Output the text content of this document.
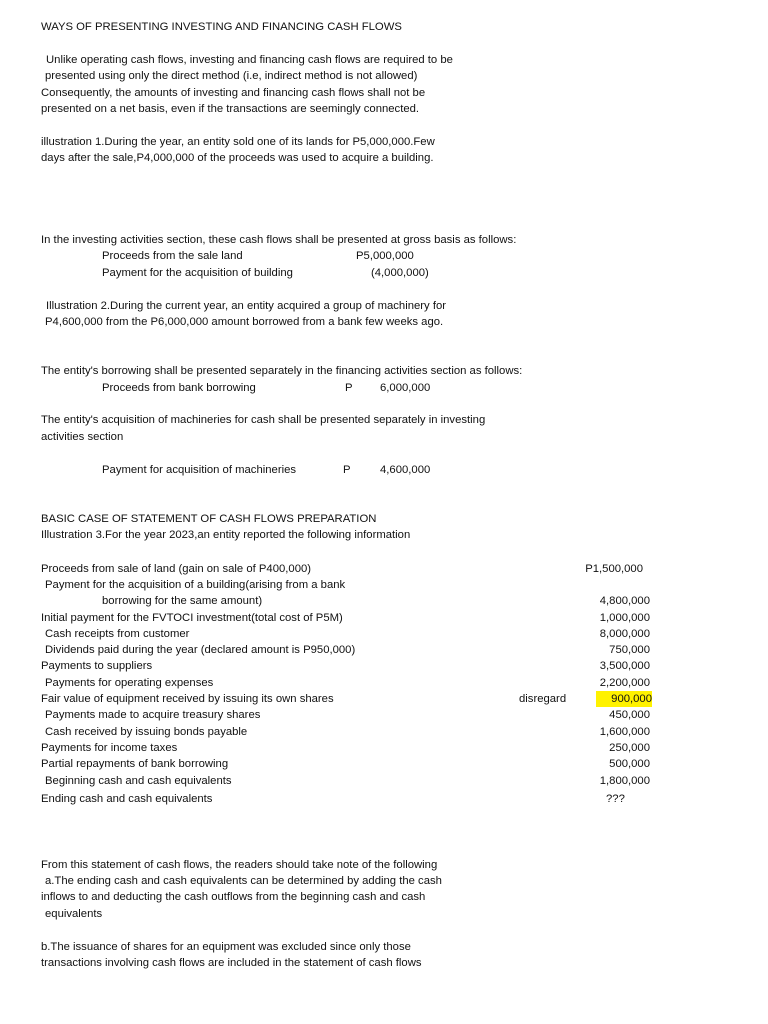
WAYS OF PRESENTING INVESTING AND FINANCING CASH FLOWS
Unlike operating cash flows, investing and financing cash flows are required to be
presented using only the direct method (i.e, indirect method is not allowed)
Consequently, the amounts of investing and financing cash flows shall not be
presented on a net basis, even if the transactions are seemingly connected.
illustration 1.During the year, an entity sold one of its lands for P5,000,000.Few
days after the sale,P4,000,000 of the proceeds was used to acquire a building.
In the investing activities section, these cash flows shall be presented at gross basis as follows:
Proceeds from the sale land	P5,000,000
Payment for the acquisition of building	(4,000,000)
Illustration 2.During the current year, an entity acquired a group of machinery for
P4,600,000 from the P6,000,000 amount borrowed from a bank few weeks ago.
The entity's borrowing shall be presented separately in the financing activities section as follows:
Proceeds from bank borrowing	P 6,000,000
The entity's acquisition of machineries for cash shall be presented separately in investing
activities section
Payment for acquisition of machineries	P	4,600,000
BASIC CASE OF STATEMENT OF CASH FLOWS PREPARATION
Illustration 3.For the year 2023,an entity reported the following information
Proceeds from sale of land (gain on sale of P400,000)	P1,500,000
Payment for the acquisition of a building(arising from a bank
borrowing for the same amount)	4,800,000
Initial payment for the FVTOCI investment(total cost of P5M)	1,000,000
Cash receipts from customer	8,000,000
Dividends paid during the year (declared amount is P950,000)	750,000
Payments to suppliers	3,500,000
Payments for operating expenses	2,200,000
Fair value of equipment received by issuing its own shares	disregard	900,000
Payments made to acquire treasury shares	450,000
Cash received by issuing bonds payable	1,600,000
Payments for income taxes	250,000
Partial repayments of bank borrowing	500,000
Beginning cash and cash equivalents	1,800,000
Ending cash and cash equivalents	???
From this statement of cash flows, the readers should take note of the following
a.The ending cash and cash equivalents can be determined by adding the cash
inflows to and deducting the cash outflows from the beginning cash and cash
equivalents
b.The issuance of shares for an equipment was excluded since only those
transactions involving cash flows are included in the statement of cash flows
